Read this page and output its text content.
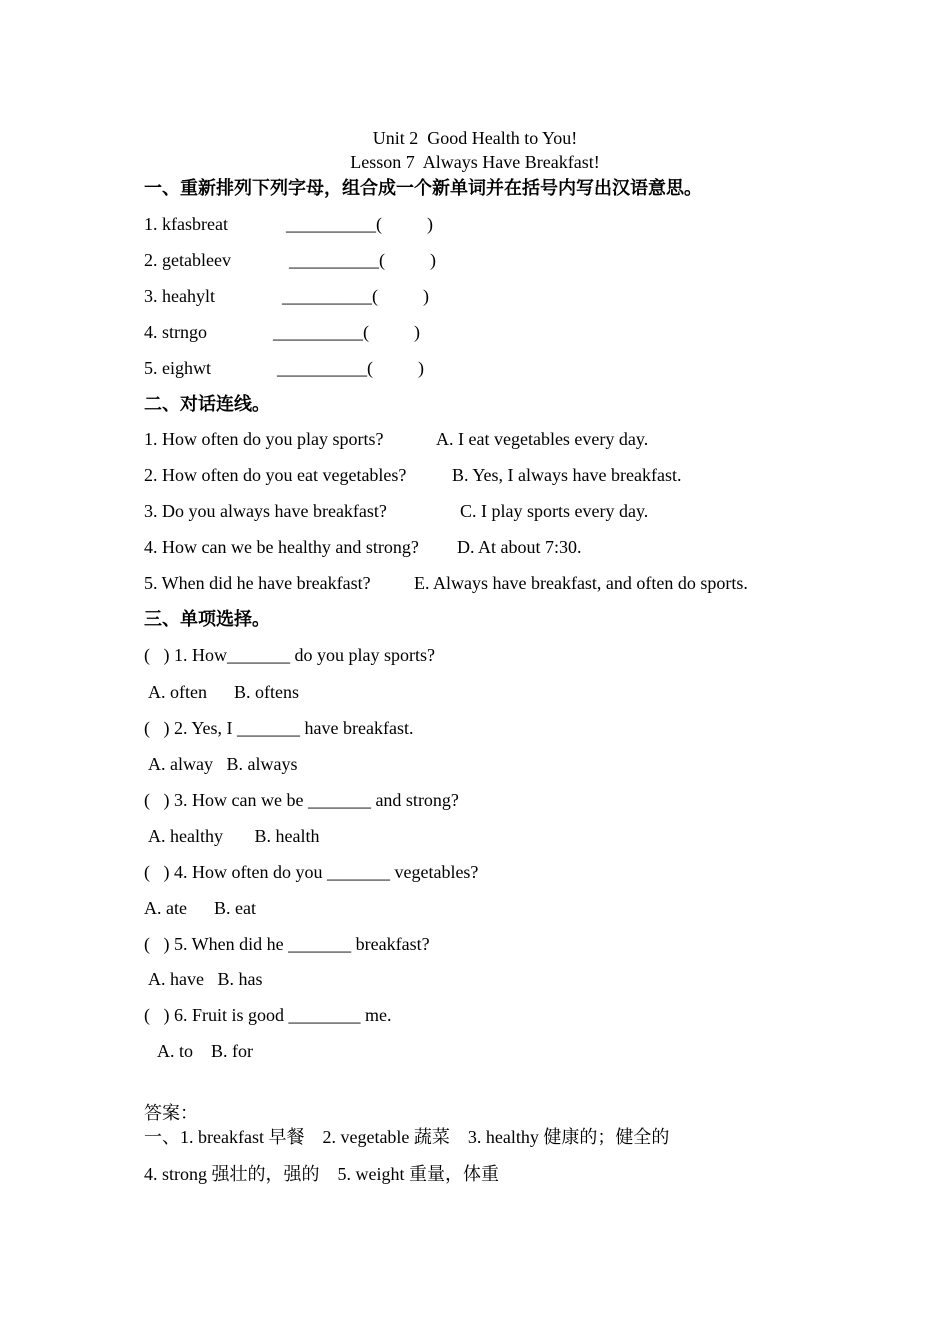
Unit 2  Good Health to You!
Lesson 7  Always Have Breakfast!
一、重新排列下列字母，组合成一个新单词并在括号内写出汉语意思。
1. kfasbreat	__________(          )
2. getableev	__________(          )
3. heahylt	__________(          )
4. strngo	__________(          )
5. eighwt	__________(          )
二、对话连线。
1. How often do you play sports?	A. I eat vegetables every day.
2. How often do you eat vegetables?	B. Yes, I always have breakfast.
3. Do you always have breakfast?	C. I play sports every day.
4. How can we be healthy and strong? D. At about 7:30.
5. When did he have breakfast? E. Always have breakfast, and often do sports.
三、单项选择。
(   ) 1. How_______ do you play sports?
A. often      B. oftens
(   ) 2. Yes, I _______ have breakfast.
A. alway   B. always
(   ) 3. How can we be _______ and strong?
A. healthy       B. health
(   ) 4. How often do you _______ vegetables?
A. ate      B. eat
(   ) 5. When did he _______ breakfast?
A. have   B. has
(   ) 6. Fruit is good ________ me.
A. to    B. for
答案：
一、1. breakfast 早餐    2. vegetable 蔬菜    3. healthy 健康的；健全的
4. strong 强壮的，强的    5. weight 重量，体重
